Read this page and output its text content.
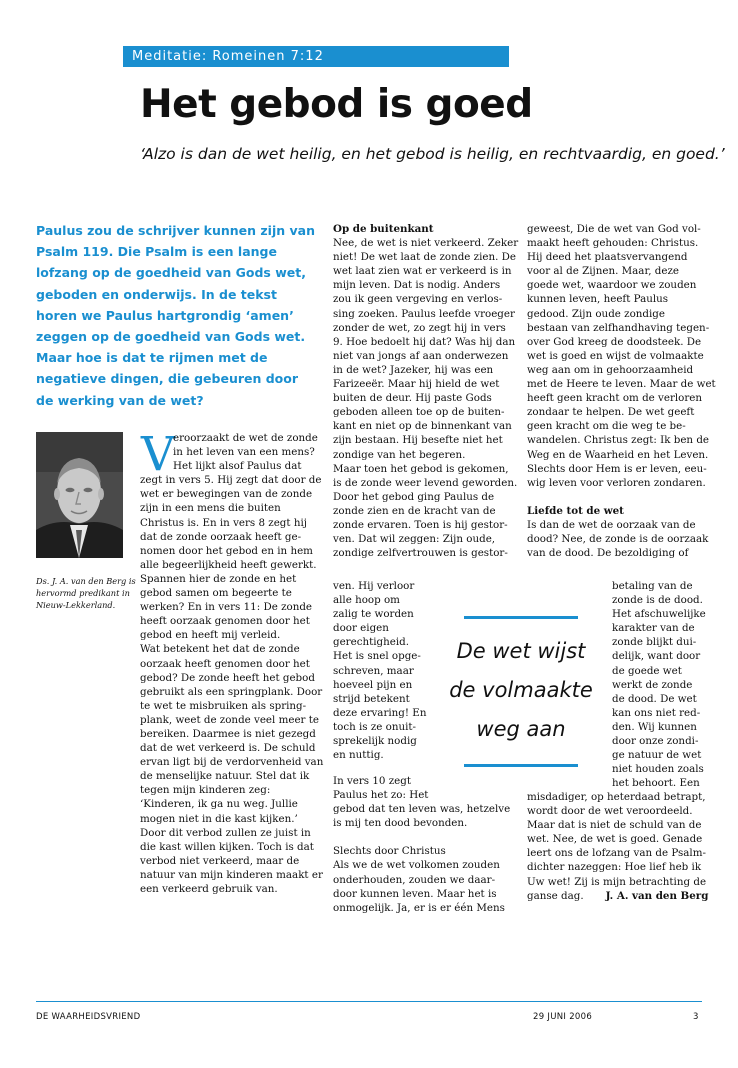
Meditatie: Romeinen 7:12
Het gebod is goed
‘Alzo is dan de wet heilig, en het gebod is heilig, en rechtvaardig, en goed.’

Paulus zou de schrijver kunnen zijn van Psalm 119. Die Psalm is een lange lofzang op de goedheid van Gods wet, geboden en onderwijs. In de tekst horen we Paulus hartgrondig ‘amen’ zeggen op de goedheid van Gods wet. Maar hoe is dat te rijmen met de negatieve dingen, die gebeuren door de werking van de wet?

Ds. J. A. van den Berg is hervormd predikant in Nieuw-Lekkerland.
V
eroorzaakt de wet de zonde
in het leven van een mens?
Het lijkt alsof Paulus dat
zegt in vers 5. Hij zegt dat door de
wet er bewegingen van de zonde
zijn in een mens die buiten
Christus is. En in vers 8 zegt hij
dat de zonde oorzaak heeft ge-
nomen door het gebod en in hem
alle begeerlijkheid heeft gewerkt.
Spannen hier de zonde en het
gebod samen om begeerte te
werken? En in vers 11: De zonde
heeft oorzaak genomen door het
gebod en heeft mij verleid.
Wat betekent het dat de zonde
oorzaak heeft genomen door het
gebod? De zonde heeft het gebod
gebruikt als een springplank. Door
te wet te misbruiken als spring-
plank, weet de zonde veel meer te
bereiken. Daarmee is niet gezegd
dat de wet verkeerd is. De schuld
ervan ligt bij de verdorvenheid van
de menselijke natuur. Stel dat ik
tegen mijn kinderen zeg:
‘Kinderen, ik ga nu weg. Jullie
mogen niet in die kast kijken.’
Door dit verbod zullen ze juist in
die kast willen kijken. Toch is dat
verbod niet verkeerd, maar de
natuur van mijn kinderen maakt er
een verkeerd gebruik van.
Op de buitenkant
Nee, de wet is niet verkeerd. Zeker
niet! De wet laat de zonde zien. De
wet laat zien wat er verkeerd is in
mijn leven. Dat is nodig. Anders
zou ik geen vergeving en verlos-
sing zoeken. Paulus leefde vroeger
zonder de wet, zo zegt hij in vers
9. Hoe bedoelt hij dat? Was hij dan
niet van jongs af aan onderwezen
in de wet? Jazeker, hij was een
Farizeeër. Maar hij hield de wet
buiten de deur. Hij paste Gods
geboden alleen toe op de buiten-
kant en niet op de binnenkant van
zijn bestaan. Hij besefte niet het
zondige van het begeren.
Maar toen het gebod is gekomen,
is de zonde weer levend geworden.
Door het gebod ging Paulus de
zonde zien en de kracht van de
zonde ervaren. Toen is hij gestor-
ven. Dat wil zeggen: Zijn oude,
zondige zelfvertrouwen is gestor-
ven. Hij verloor
alle hoop om
zalig te worden
door eigen
gerechtigheid.
Het is snel opge-
schreven, maar
hoeveel pijn en
strijd betekent
deze ervaring! En
toch is ze onuit-
sprekelijk nodig
en nuttig.
In vers 10 zegt
Paulus het zo: Het
gebod dat ten leven was, hetzelve
is mij ten dood bevonden.
Slechts door Christus
Als we de wet volkomen zouden
onderhouden, zouden we daar-
door kunnen leven. Maar het is
onmogelijk. Ja, er is er één Mens
geweest, Die de wet van God vol-
maakt heeft gehouden: Christus.
Hij deed het plaatsvervangend
voor al de Zijnen. Maar, deze
goede wet, waardoor we zouden
kunnen leven, heeft Paulus
gedood. Zijn oude zondige
bestaan van zelfhandhaving tegen-
over God kreeg de doodsteek. De
wet is goed en wijst de volmaakte
weg aan om in gehoorzaamheid
met de Heere te leven. Maar de wet
heeft geen kracht om de verloren
zondaar te helpen. De wet geeft
geen kracht om die weg te be-
wandelen. Christus zegt: Ik ben de
Weg en de Waarheid en het Leven.
Slechts door Hem is er leven, eeu-
wig leven voor verloren zondaren.
Liefde tot de wet
Is dan de wet de oorzaak van de
dood? Nee, de zonde is de oorzaak
van de dood. De bezoldiging of
betaling van de
zonde is de dood.
Het afschuwelijke
karakter van de
zonde blijkt dui-
delijk, want door
de goede wet
werkt de zonde
de dood. De wet
kan ons niet red-
den. Wij kunnen
door onze zondi-
ge natuur de wet
niet houden zoals
het behoort. Een
misdadiger, op heterdaad betrapt,
wordt door de wet veroordeeld.
Maar dat is niet de schuld van de
wet. Nee, de wet is goed. Genade
leert ons de lofzang van de Psalm-
dichter nazeggen: Hoe lief heb ik
Uw wet! Zij is mijn betrachting de
ganse dag. J. A. van den Berg
De wet wijst
de volmaakte
weg aan
DE WAARHEIDSVRIEND	29 JUNI 2006	3
